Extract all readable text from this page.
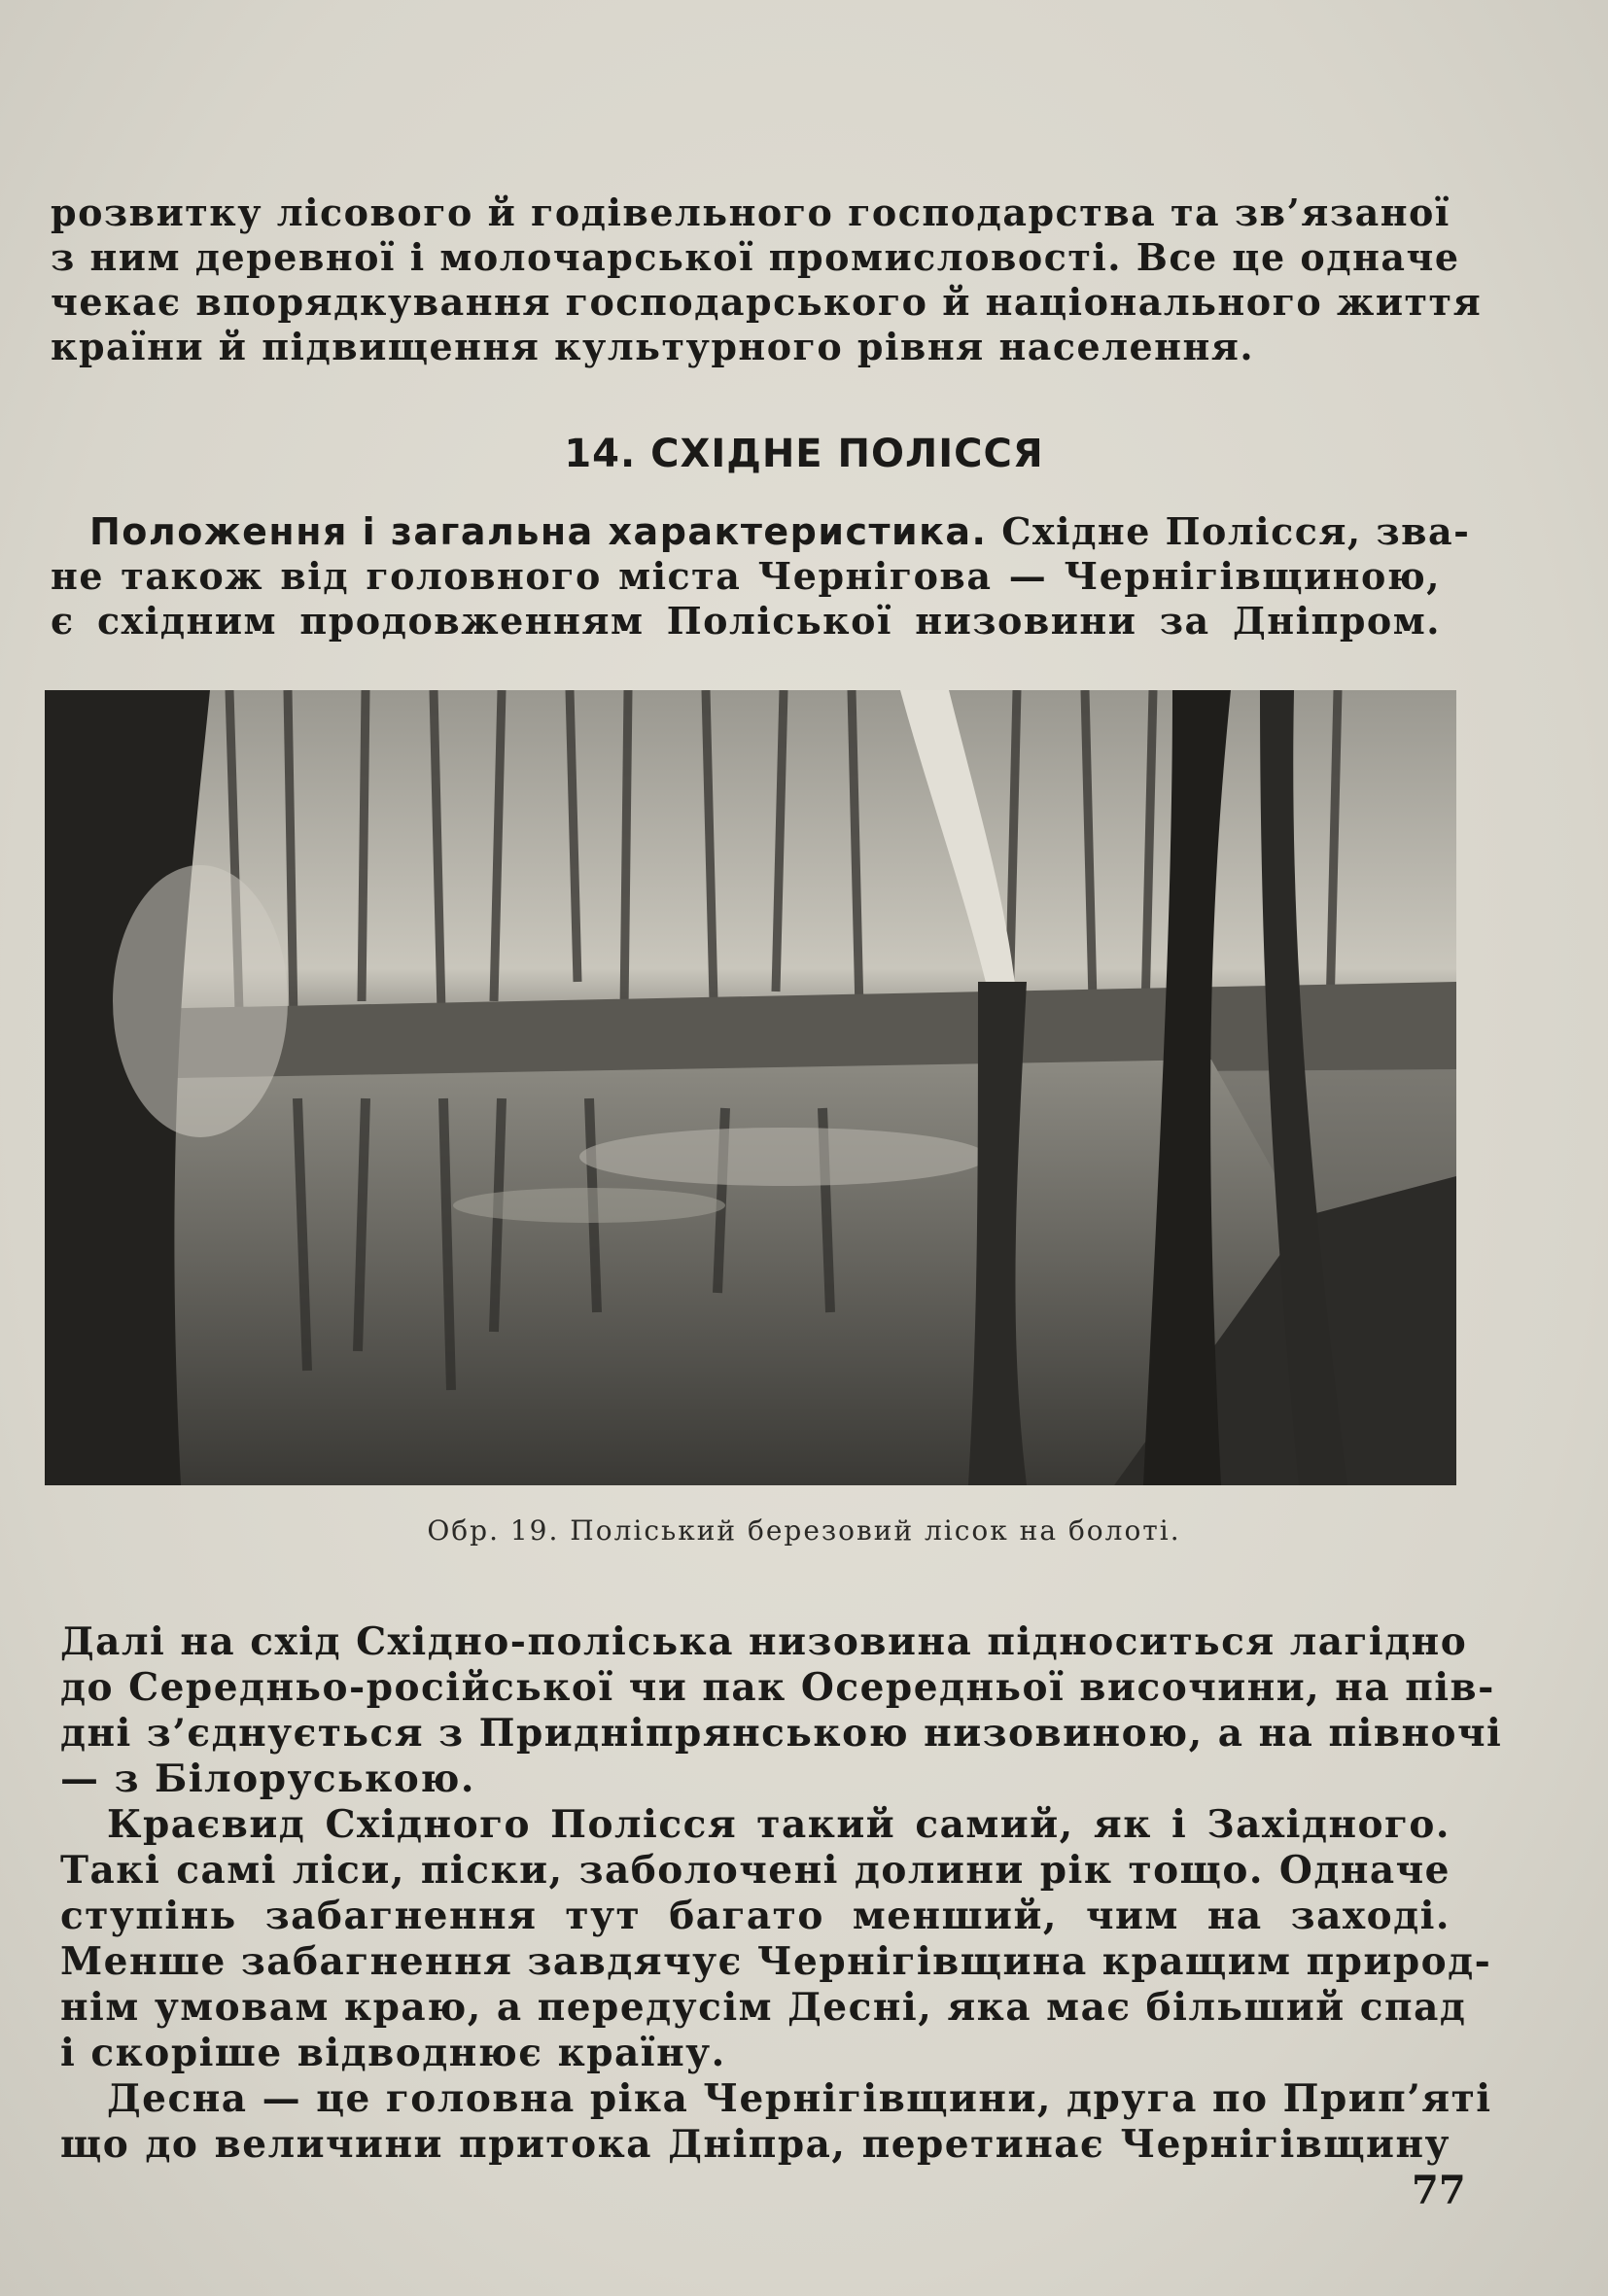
розвитку лісового й годівельного господарства та зв’язаної
з ним деревної і молочарської промисловості. Все це одначе
чекає впорядкування господарського й національного життя
країни й підвищення культурного рівня населення.
14. СХІДНЕ ПОЛІССЯ
Положення і загальна характеристика. Східне Полісся, зва-
не також від головного міста Чернігова — Чернігівщиною,
є східним продовженням Поліської низовини за Дніпром.
Обр. 19. Поліський березовий лісок на болоті.
Далі на схід Східно-поліська низовина підноситься лагідно
до Середньо-російської чи пак Осередньої височини, на пів-
дні з’єднується з Придніпрянською низовиною, а на півночі
— з Білоруською.
Краєвид Східного Полісся такий самий, як і Західного.
Такі самі ліси, піски, заболочені долини рік тощо. Одначе
ступінь забагнення тут багато менший, чим на заході.
Менше забагнення завдячує Чернігівщина кращим природ-
нім умовам краю, а передусім Десні, яка має більший спад
і скоріше відводнює країну.
Десна — це головна ріка Чернігівщини, друга по Прип’яті
що до величини притока Дніпра, перетинає Чернігівщину
77
